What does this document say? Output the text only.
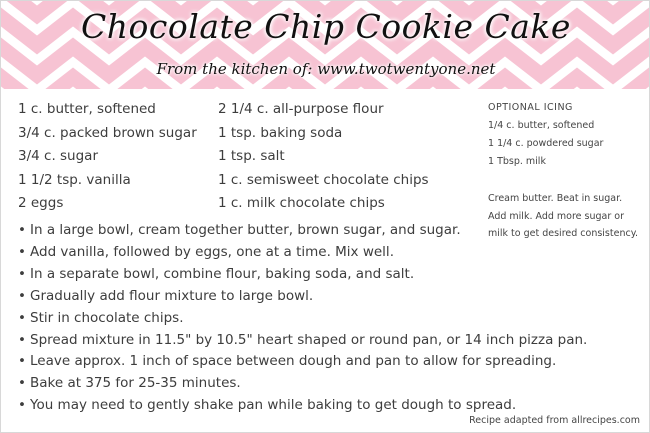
Chocolate Chip Cookie Cake
From the kitchen of: www.twotwentyone.net
1 c. butter, softened
3/4 c. packed brown sugar
3/4 c. sugar
1 1/2 tsp. vanilla
2 eggs
2 1/4 c. all-purpose flour
1 tsp. baking soda
1 tsp. salt
1 c. semisweet chocolate chips
1 c. milk chocolate chips
OPTIONAL ICING
1/4 c. butter, softened
1 1/4 c. powdered sugar
1 Tbsp. milk
Cream butter. Beat in sugar.
Add milk. Add more sugar or
milk to get desired consistency.
• In a large bowl, cream together butter, brown sugar, and sugar.
• Add vanilla, followed by eggs, one at a time. Mix well.
• In a separate bowl, combine flour, baking soda, and salt.
• Gradually add flour mixture to large bowl.
• Stir in chocolate chips.
• Spread mixture in 11.5" by 10.5" heart shaped or round pan, or 14 inch pizza pan.
• Leave approx. 1 inch of space between dough and pan to allow for spreading.
• Bake at 375 for 25-35 minutes.
• You may need to gently shake pan while baking to get dough to spread.
Recipe adapted from allrecipes.com
